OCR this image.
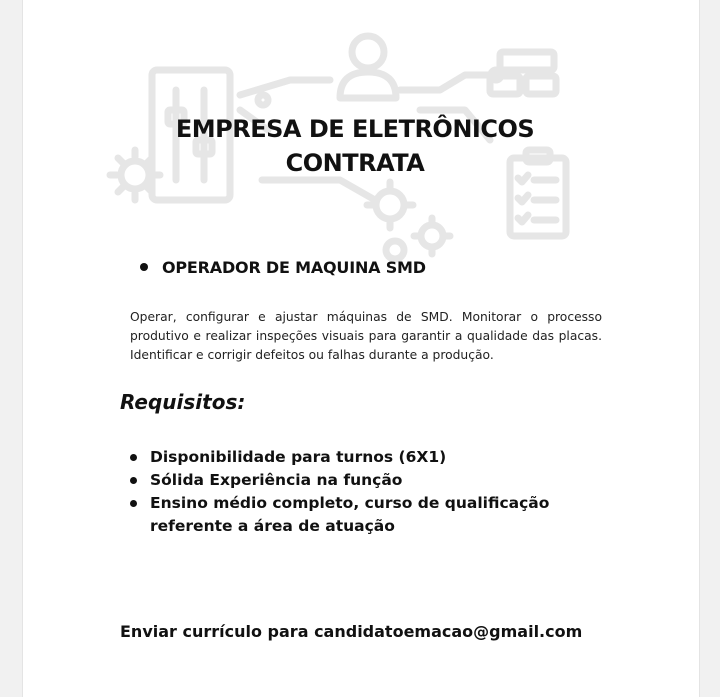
EMPRESA DE ELETRÔNICOS
CONTRATA
OPERADOR DE MAQUINA SMD
Operar, configurar e ajustar máquinas de SMD. Monitorar o processo produtivo e realizar inspeções visuais para garantir a qualidade das placas. Identificar e corrigir defeitos ou falhas durante a produção.
Requisitos:
Disponibilidade para turnos (6X1)
Sólida Experiência na função
Ensino médio completo, curso de qualificação referente a área de atuação
Enviar currículo para candidatoemacao@gmail.com
